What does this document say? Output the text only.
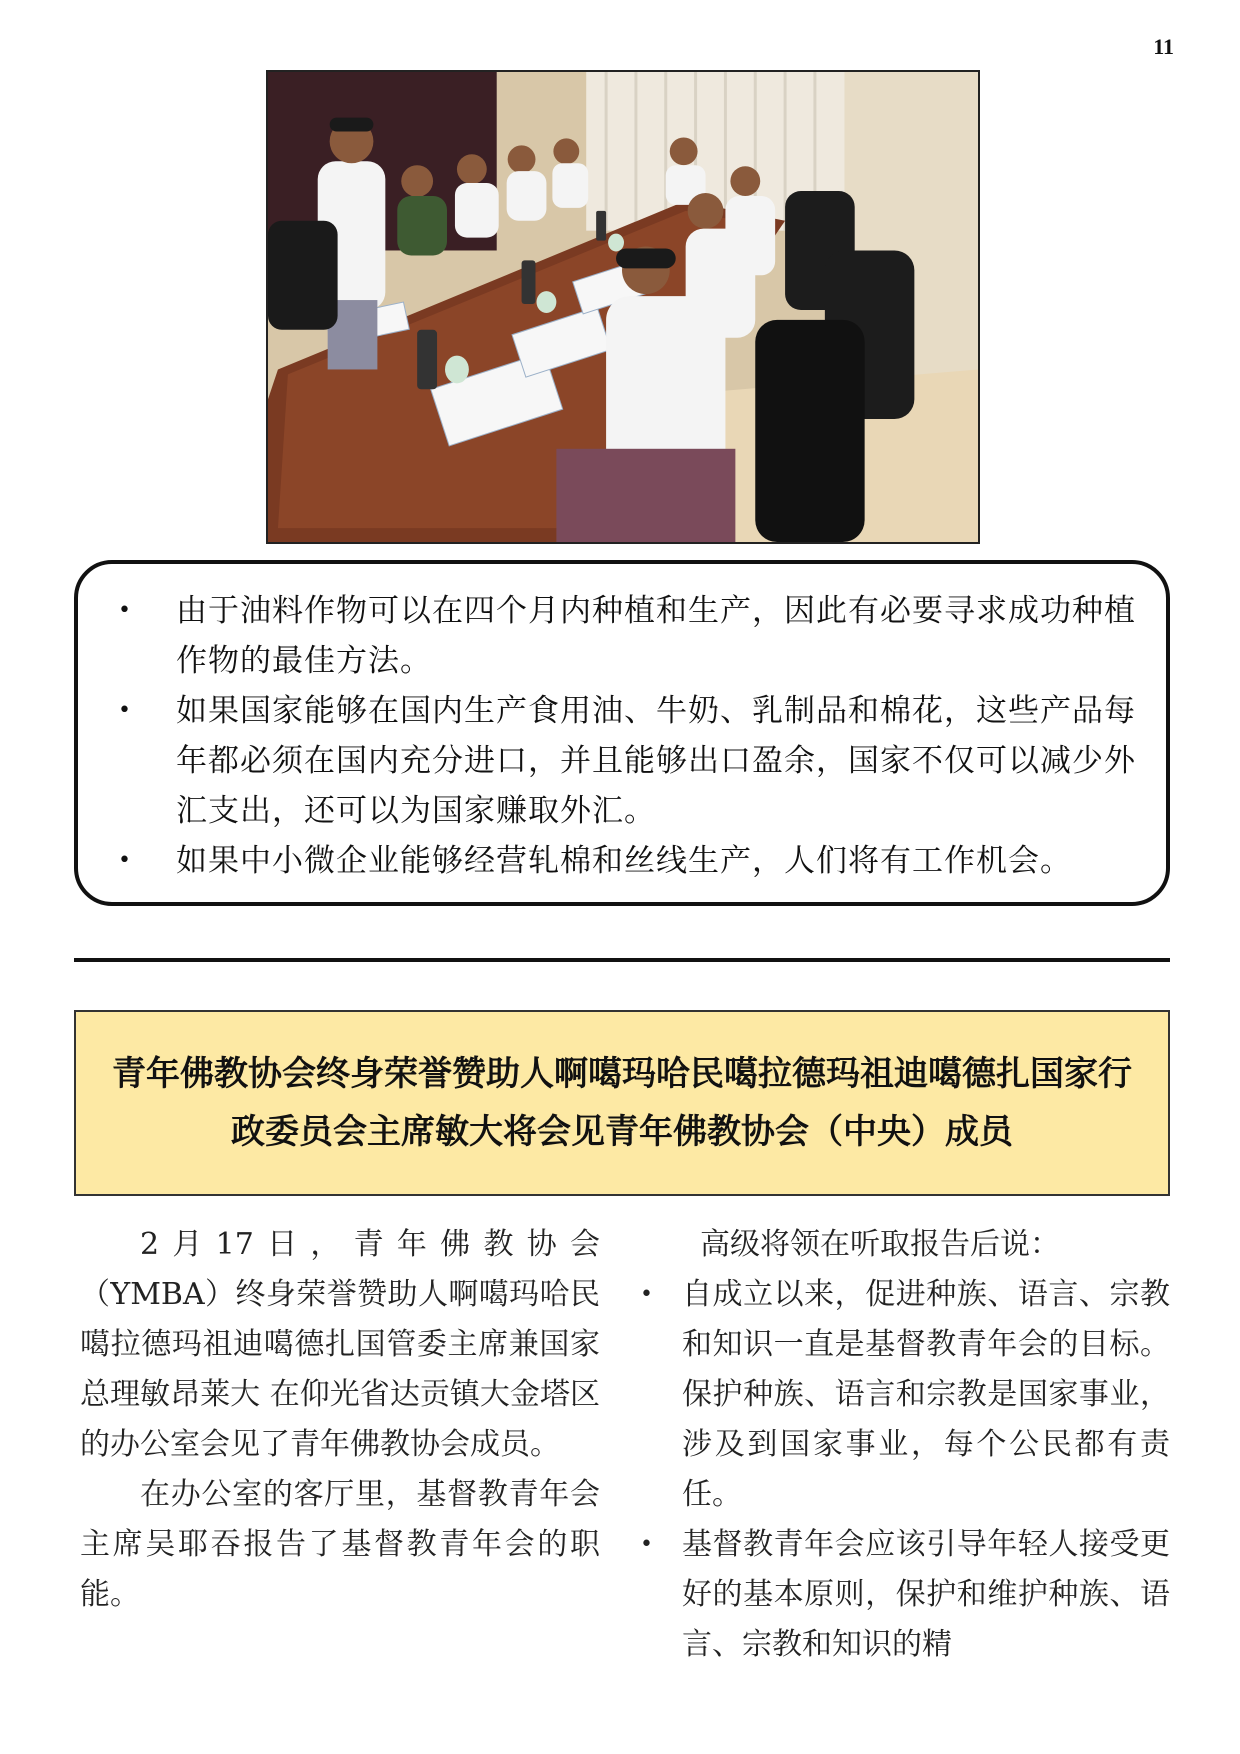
11
• 由于油料作物可以在四个月内种植和生产，因此有必要寻求成功种植作物的最佳方法。
• 如果国家能够在国内生产食用油、牛奶、乳制品和棉花，这些产品每年都必须在国内充分进口，并且能够出口盈余，国家不仅可以减少外汇支出，还可以为国家赚取外汇。
• 如果中小微企业能够经营轧棉和丝线生产，人们将有工作机会。
青年佛教协会终身荣誉赞助人啊噶玛哈民噶拉德玛祖迪噶德扎国家行政委员会主席敏大将会见青年佛教协会（中央）成员

2月17日，青年佛教协会（YMBA）终身荣誉赞助人啊噶玛哈民噶拉德玛祖迪噶德扎国管委主席兼国家总理敏昂莱大 在仰光省达贡镇大金塔区的办公室会见了青年佛教协会成员。

在办公室的客厅里，基督教青年会主席吴耶吞报告了基督教青年会的职能。

高级将领在听取报告后说：

• 自成立以来，促进种族、语言、宗教和知识一直是基督教青年会的目标。保护种族、语言和宗教是国家事业，涉及到国家事业，每个公民都有责任。
• 基督教青年会应该引导年轻人接受更好的基本原则，保护和维护种族、语言、宗教和知识的精
